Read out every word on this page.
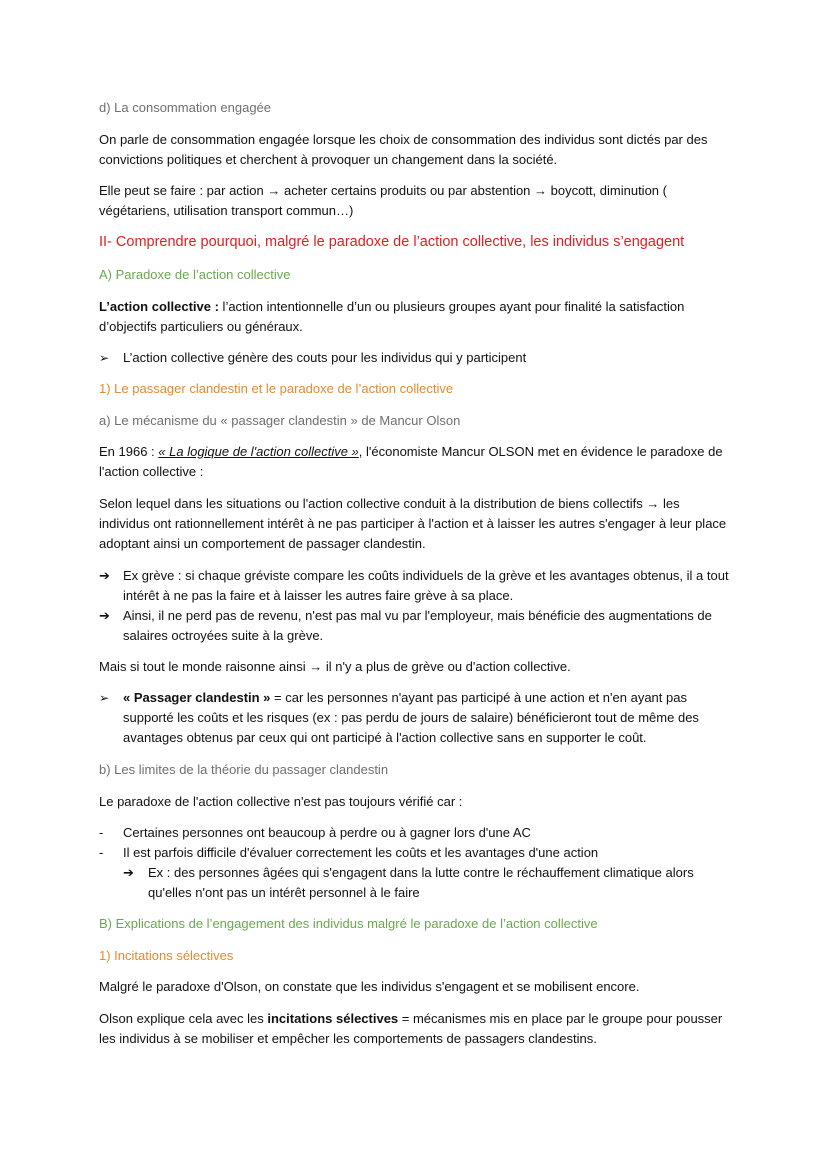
d) La consommation engagée

On parle de consommation engagée lorsque les choix de consommation des individus sont dictés par des convictions politiques et cherchent à provoquer un changement dans la société.

Elle peut se faire : par action → acheter certains produits ou par abstention → boycott, diminution ( végétariens, utilisation transport commun…)

II- Comprendre pourquoi, malgré le paradoxe de l’action collective, les individus s’engagent

A) Paradoxe de l’action collective

L’action collective : l’action intentionnelle d’un ou plusieurs groupes ayant pour finalité la satisfaction d’objectifs particuliers ou généraux.

➢ L’action collective génère des couts pour les individus qui y participent

1) Le passager clandestin et le paradoxe de l’action collective

a) Le mécanisme du « passager clandestin » de Mancur Olson

En 1966 : « La logique de l'action collective », l'économiste Mancur OLSON met en évidence le paradoxe de l'action collective :

Selon lequel dans les situations ou l'action collective conduit à la distribution de biens collectifs → les individus ont rationnellement intérêt à ne pas participer à l'action et à laisser les autres s'engager à leur place adoptant ainsi un comportement de passager clandestin.

➔ Ex grève : si chaque gréviste compare les coûts individuels de la grève et les avantages obtenus, il a tout intérêt à ne pas la faire et à laisser les autres faire grève à sa place.

➔ Ainsi, il ne perd pas de revenu, n'est pas mal vu par l'employeur, mais bénéficie des augmentations de salaires octroyées suite à la grève.

Mais si tout le monde raisonne ainsi → il n'y a plus de grève ou d'action collective.

➢ « Passager clandestin » = car les personnes n'ayant pas participé à une action et n'en ayant pas supporté les coûts et les risques (ex : pas perdu de jours de salaire) bénéficieront tout de même des avantages obtenus par ceux qui ont participé à l'action collective sans en supporter le coût.

b) Les limites de la théorie du passager clandestin

Le paradoxe de l'action collective n'est pas toujours vérifié car :

- Certaines personnes ont beaucoup à perdre ou à gagner lors d'une AC

- Il est parfois difficile d'évaluer correctement les coûts et les avantages d'une action

➔ Ex : des personnes âgées qui s'engagent dans la lutte contre le réchauffement climatique alors qu'elles n'ont pas un intérêt personnel à le faire

B) Explications de l’engagement des individus malgré le paradoxe de l’action collective

1) Incitations sélectives

Malgré le paradoxe d'Olson, on constate que les individus s'engagent et se mobilisent encore.

Olson explique cela avec les incitations sélectives = mécanismes mis en place par le groupe pour pousser les individus à se mobiliser et empêcher les comportements de passagers clandestins.
